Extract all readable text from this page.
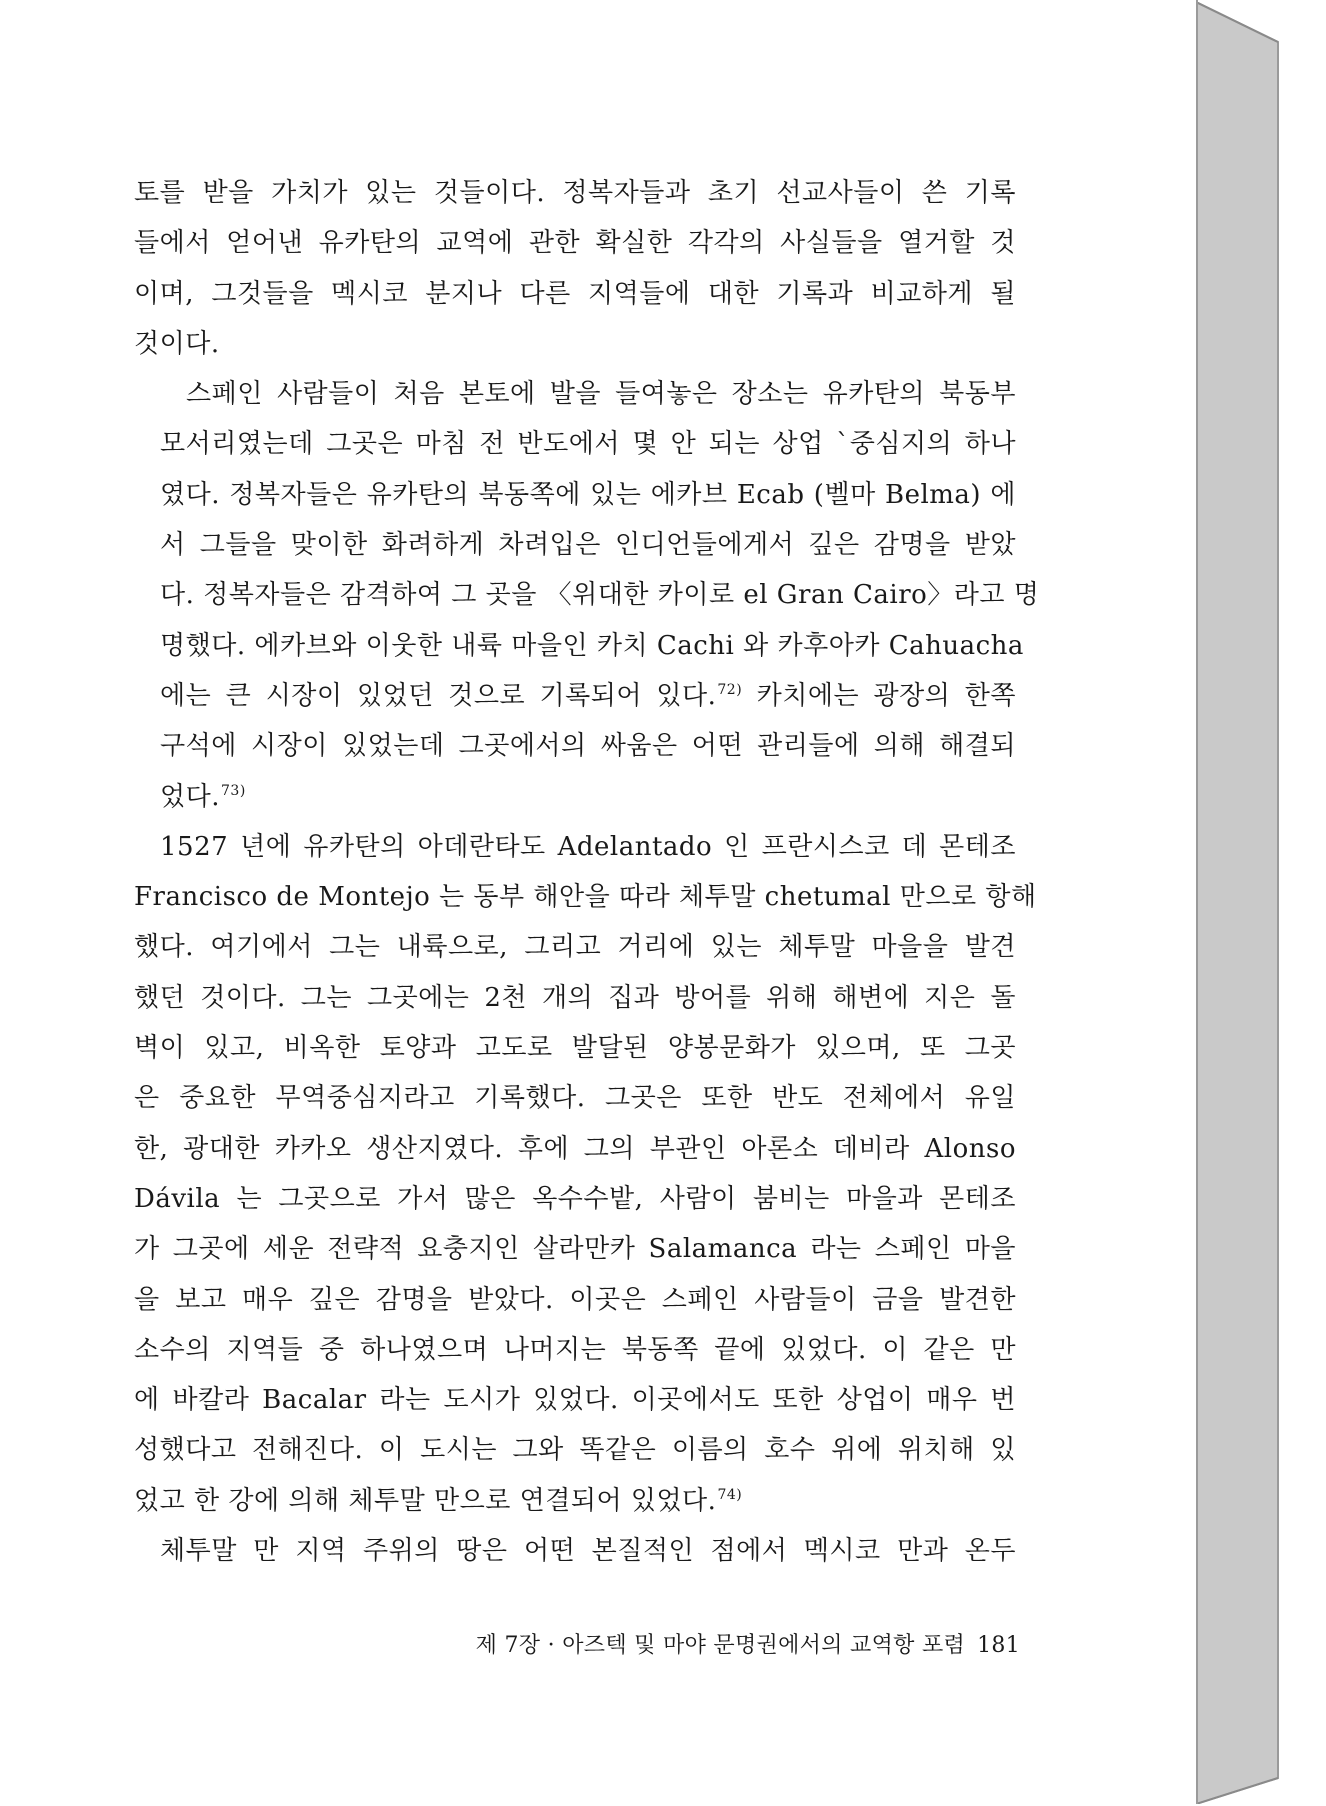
토를 받을 가치가 있는 것들이다. 정복자들과 초기 선교사들이 쓴 기록
들에서 얻어낸 유카탄의 교역에 관한 확실한 각각의 사실들을 열거할 것
이며, 그것들을 멕시코 분지나 다른 지역들에 대한 기록과 비교하게 될
것이다.
스페인 사람들이 처음 본토에 발을 들여놓은 장소는 유카탄의 북동부
모서리였는데 그곳은 마침 전 반도에서 몇 안 되는 상업 `중심지의 하나
였다. 정복자들은 유카탄의 북동쪽에 있는 에카브 Ecab (벨마 Belma) 에
서 그들을 맞이한 화려하게 차려입은 인디언들에게서 깊은 감명을 받았
다. 정복자들은 감격하여 그 곳을 〈위대한 카이로 el Gran Cairo〉라고 명
명했다. 에카브와 이웃한 내륙 마을인 카치 Cachi 와 카후아카 Cahuacha
에는 큰 시장이 있었던 것으로 기록되어 있다.$^{72)}$ 카치에는 광장의 한쪽
구석에 시장이 있었는데 그곳에서의 싸움은 어떤 관리들에 의해 해결되
었다.$^{73)}$
1527 년에 유카탄의 아데란타도 Adelantado 인 프란시스코 데 몬테조
Francisco de Montejo 는 동부 해안을 따라 체투말 chetumal 만으로 항해
했다. 여기에서 그는 내륙으로, 그리고 거리에 있는 체투말 마을을 발견
했던 것이다. 그는 그곳에는 2천 개의 집과 방어를 위해 해변에 지은 돌
벽이 있고, 비옥한 토양과 고도로 발달된 양봉문화가 있으며, 또 그곳
은 중요한 무역중심지라고 기록했다. 그곳은 또한 반도 전체에서 유일
한, 광대한 카카오 생산지였다. 후에 그의 부관인 아론소 데비라 Alonso
Dávila 는 그곳으로 가서 많은 옥수수밭, 사람이 붐비는 마을과 몬테조
가 그곳에 세운 전략적 요충지인 살라만카 Salamanca 라는 스페인 마을
을 보고 매우 깊은 감명을 받았다. 이곳은 스페인 사람들이 금을 발견한
소수의 지역들 중 하나였으며 나머지는 북동쪽 끝에 있었다. 이 같은 만
에 바칼라 Bacalar 라는 도시가 있었다. 이곳에서도 또한 상업이 매우 번
성했다고 전해진다. 이 도시는 그와 똑같은 이름의 호수 위에 위치해 있
었고 한 강에 의해 체투말 만으로 연결되어 있었다.$^{74)}$
체투말 만 지역 주위의 땅은 어떤 본질적인 점에서 멕시코 만과 온두
제 7장 · 아즈텍 및 마야 문명권에서의 교역항 포렴 181
